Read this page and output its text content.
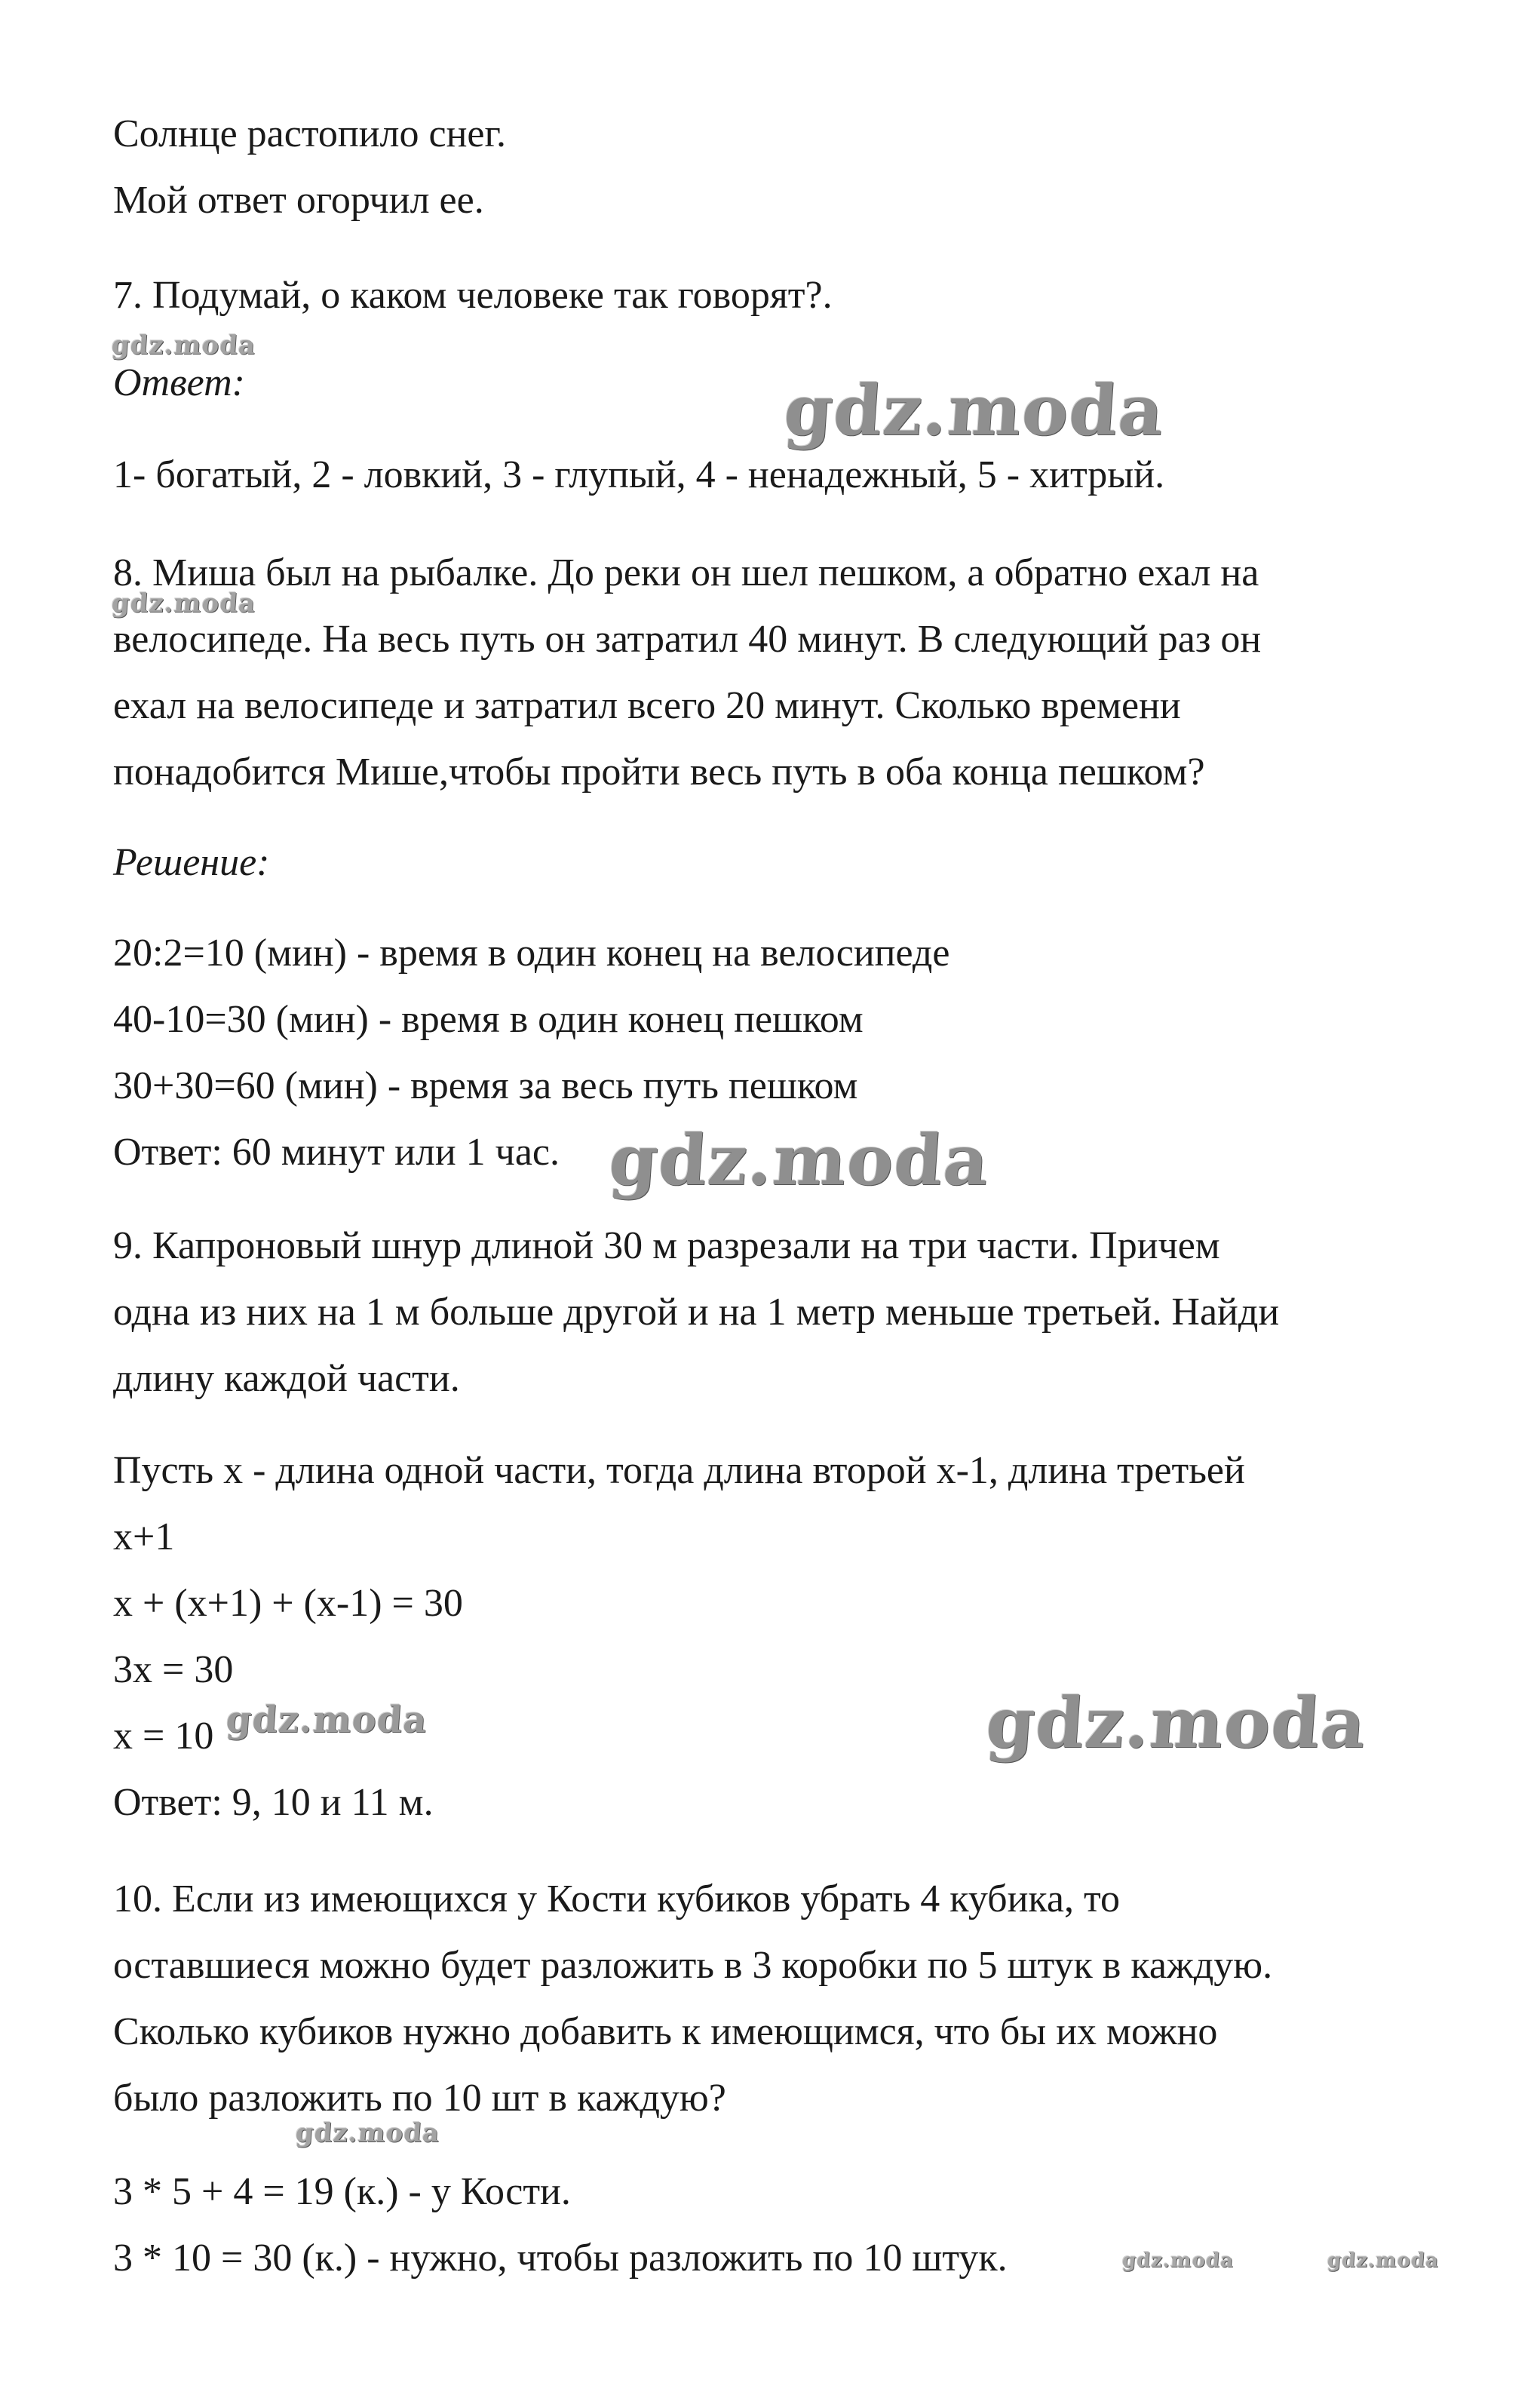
Солнце растопило снег.
Мой ответ огорчил ее.
7. Подумай, о каком человеке так говорят?.
Ответ:
1- богатый, 2 - ловкий, 3 - глупый, 4 - ненадежный, 5 - хитрый.
8. Миша был на рыбалке. До реки он шел пешком, а обратно ехал на
велосипеде. На весь путь он затратил 40 минут. В следующий раз он
ехал на велосипеде и затратил всего 20 минут. Сколько времени
понадобится Мише,чтобы пройти весь путь в оба конца пешком?
Решение:
20:2=10 (мин) - время в один конец на велосипеде
40-10=30 (мин) - время в один конец пешком
30+30=60 (мин) - время за весь путь пешком
Ответ: 60 минут или 1 час.
9. Капроновый шнур длиной 30 м разрезали на три части. Причем
одна из них на 1 м больше другой и на 1 метр меньше третьей. Найди
длину каждой части.
Пусть х - длина одной части, тогда длина второй х-1, длина третьей
х+1
х + (х+1) + (х-1) = 30
3х = 30
х = 10
Ответ: 9, 10 и 11 м.
10. Если из имеющихся у Кости кубиков убрать 4 кубика, то
оставшиеся можно будет разложить в 3 коробки по 5 штук в каждую.
Сколько кубиков нужно добавить к имеющимся, что бы их можно
было разложить по 10 шт в каждую?
3 * 5 + 4 = 19 (к.) - у Кости.
3 * 10 = 30 (к.) - нужно, чтобы разложить по 10 штук.
gdz.moda
gdz.moda
gdz.moda
gdz.moda
gdz.moda	gdz.moda
gdz.moda
gdz.moda	gdz.moda
